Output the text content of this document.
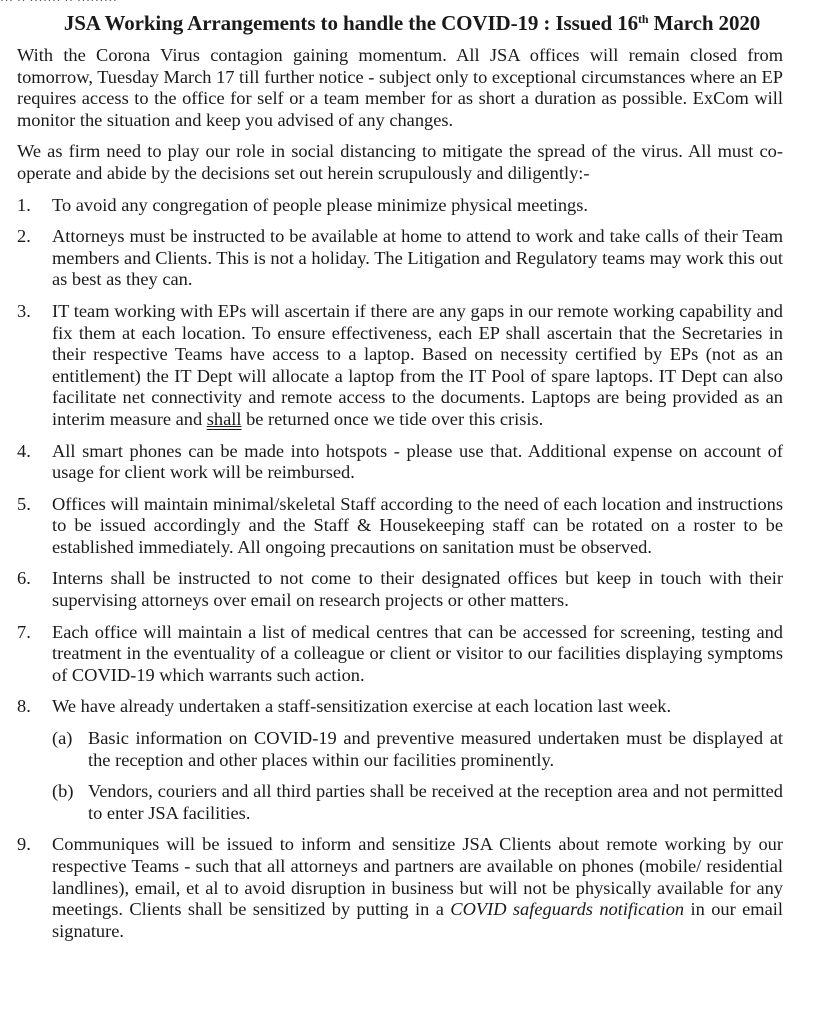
··· ·· ······· ·· ·········
JSA Working Arrangements to handle the COVID-19 : Issued 16th March 2020

With the Corona Virus contagion gaining momentum. All JSA offices will remain closed from tomorrow, Tuesday March 17 till further notice - subject only to exceptional circumstances where an EP requires access to the office for self or a team member for as short a duration as possible. ExCom will monitor the situation and keep you advised of any changes.

We as firm need to play our role in social distancing to mitigate the spread of the virus. All must co-operate and abide by the decisions set out herein scrupulously and diligently:-

1. To avoid any congregation of people please minimize physical meetings.
2. Attorneys must be instructed to be available at home to attend to work and take calls of their Team members and Clients. This is not a holiday. The Litigation and Regulatory teams may work this out as best as they can.
3. IT team working with EPs will ascertain if there are any gaps in our remote working capability and fix them at each location. To ensure effectiveness, each EP shall ascertain that the Secretaries in their respective Teams have access to a laptop. Based on necessity certified by EPs (not as an entitlement) the IT Dept will allocate a laptop from the IT Pool of spare laptops. IT Dept can also facilitate net connectivity and remote access to the documents. Laptops are being provided as an interim measure and shall be returned once we tide over this crisis.
4. All smart phones can be made into hotspots - please use that. Additional expense on account of usage for client work will be reimbursed.
5. Offices will maintain minimal/skeletal Staff according to the need of each location and instructions to be issued accordingly and the Staff & Housekeeping staff can be rotated on a roster to be established immediately. All ongoing precautions on sanitation must be observed.
6. Interns shall be instructed to not come to their designated offices but keep in touch with their supervising attorneys over email on research projects or other matters.
7. Each office will maintain a list of medical centres that can be accessed for screening, testing and treatment in the eventuality of a colleague or client or visitor to our facilities displaying symptoms of COVID-19 which warrants such action.
8. We have already undertaken a staff-sensitization exercise at each location last week.
(a) Basic information on COVID-19 and preventive measured undertaken must be displayed at the reception and other places within our facilities prominently.
(b) Vendors, couriers and all third parties shall be received at the reception area and not permitted to enter JSA facilities.
9. Communiques will be issued to inform and sensitize JSA Clients about remote working by our respective Teams - such that all attorneys and partners are available on phones (mobile/ residential landlines), email, et al to avoid disruption in business but will not be physically available for any meetings. Clients shall be sensitized by putting in a COVID safeguards notification in our email signature.
